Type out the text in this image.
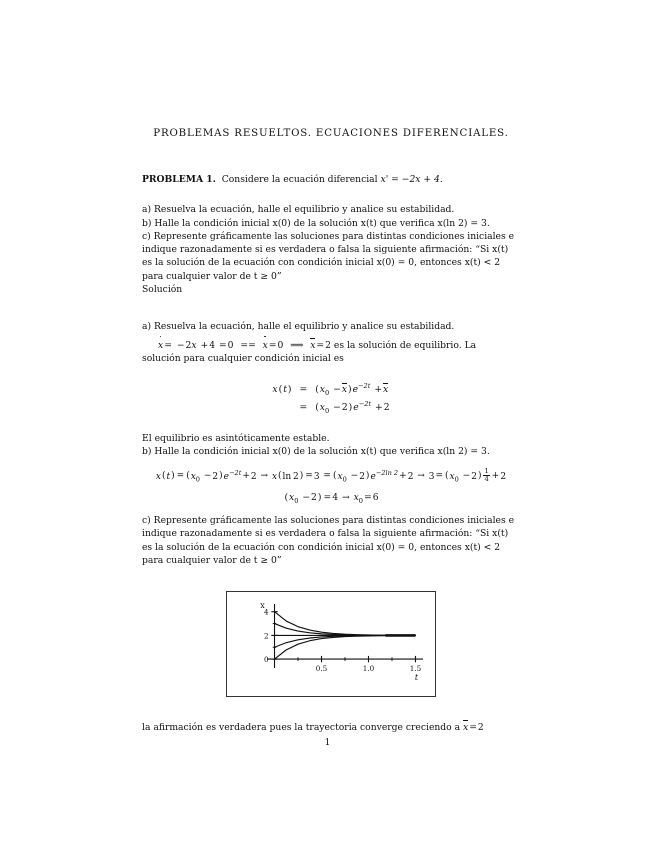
PROBLEMAS RESUELTOS. ECUACIONES DIFERENCIALES.

PROBLEMA 1. Considere la ecuación diferencial x' = −2x + 4.

a) Resuelva la ecuación, halle el equilibrio y analice su estabilidad.

b) Halle la condición inicial x(0) de la solución x(t) que verifica x(ln 2) = 3.

c) Represente gráficamente las soluciones para distintas condiciones iniciales e

indique razonadamente si es verdadera o falsa la siguiente afirmación: “Si x(t)

es la solución de la ecuación con condición inicial x(0) = 0, entonces x(t) < 2

para cualquier valor de t ≥ 0”

Solución

a) Resuelva la ecuación, halle el equilibrio y analice su estabilidad.

x= −2x +4 =0 == x=0 ⟹ x=2 es la solución de equilibrio. La

solución para cualquier condición inicial es

$x(t) = (x_0 -x)e^{-2t} +x$
= $(x_0 -2)e^{-2t} +2$

El equilibrio es asintóticamente estable.

b) Halle la condición inicial x(0) de la solución x(t) que verifica x(ln 2) = 3.

$x(t) = (x_0 -2)e^{-2t}+2 \to x(\ln$ $2) =3 = (x_0 -2)e^{-2ln 2}+2 \to 3= (x_0 -2) \frac{1}{4} +2$
$(x_0 -2) =4 \to x_0=6$

c) Represente gráficamente las soluciones para distintas condiciones iniciales e

indique razonadamente si es verdadera o falsa la siguiente afirmación: “Si x(t)

es la solución de la ecuación con condición inicial x(0) = 0, entonces x(t) < 2

para cualquier valor de t ≥ 0”

0
2
4
0.5	1.0	1.5
x
t

la afirmación es verdadera pues la trayectoria converge creciendo a x=2

1
